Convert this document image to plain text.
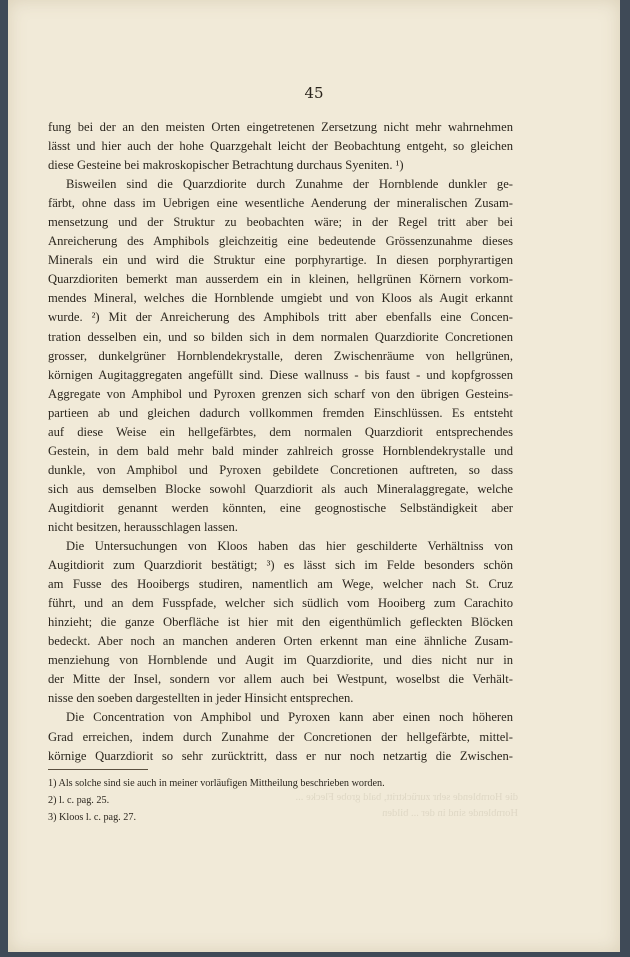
45
fung bei der an den meisten Orten eingetretenen Zersetzung nicht mehr wahrnehmen
lässt und hier auch der hohe Quarzgehalt leicht der Beobachtung entgeht, so gleichen
diese Gesteine bei makroskopischer Betrachtung durchaus Syeniten. ¹)
Bisweilen sind die Quarzdiorite durch Zunahme der Hornblende dunkler ge-
färbt, ohne dass im Uebrigen eine wesentliche Aenderung der mineralischen Zusam-
mensetzung und der Struktur zu beobachten wäre; in der Regel tritt aber bei
Anreicherung des Amphibols gleichzeitig eine bedeutende Grössenzunahme dieses
Minerals ein und wird die Struktur eine porphyrartige. In diesen porphyrartigen
Quarzdioriten bemerkt man ausserdem ein in kleinen, hellgrünen Körnern vorkom-
mendes Mineral, welches die Hornblende umgiebt und von Kloos als Augit erkannt
wurde. ²) Mit der Anreicherung des Amphibols tritt aber ebenfalls eine Concen-
tration desselben ein, und so bilden sich in dem normalen Quarzdiorite Concretionen
grosser, dunkelgrüner Hornblendekrystalle, deren Zwischenräume von hellgrünen,
körnigen Augitaggregaten angefüllt sind. Diese wallnuss - bis faust - und kopfgrossen
Aggregate von Amphibol und Pyroxen grenzen sich scharf von den übrigen Gesteins-
partieen ab und gleichen dadurch vollkommen fremden Einschlüssen. Es entsteht
auf diese Weise ein hellgefärbtes, dem normalen Quarzdiorit entsprechendes
Gestein, in dem bald mehr bald minder zahlreich grosse Hornblendekrystalle und
dunkle, von Amphibol und Pyroxen gebildete Concretionen auftreten, so dass
sich aus demselben Blocke sowohl Quarzdiorit als auch Mineralaggregate, welche
Augitdiorit genannt werden könnten, eine geognostische Selbständigkeit aber
nicht besitzen, herausschlagen lassen.
Die Untersuchungen von Kloos haben das hier geschilderte Verhältniss von
Augitdiorit zum Quarzdiorit bestätigt; ³) es lässt sich im Felde besonders schön
am Fusse des Hooibergs studiren, namentlich am Wege, welcher nach St. Cruz
führt, und an dem Fusspfade, welcher sich südlich vom Hooiberg zum Carachito
hinzieht; die ganze Oberfläche ist hier mit den eigenthümlich gefleckten Blöcken
bedeckt. Aber noch an manchen anderen Orten erkennt man eine ähnliche Zusam-
menziehung von Hornblende und Augit im Quarzdiorite, und dies nicht nur in
der Mitte der Insel, sondern vor allem auch bei Westpunt, woselbst die Verhält-
nisse den soeben dargestellten in jeder Hinsicht entsprechen.
Die Concentration von Amphibol und Pyroxen kann aber einen noch höheren
Grad erreichen, indem durch Zunahme der Concretionen der hellgefärbte, mittel-
körnige Quarzdiorit so sehr zurücktritt, dass er nur noch netzartig die Zwischen-
die Hornblende sehr zurücktritt, bald grobe Flecke ...
Hornblende sind in der ... bilden
1) Als solche sind sie auch in meiner vorläufigen Mittheilung beschrieben worden.
2) l. c. pag. 25.
3) Kloos l. c. pag. 27.
